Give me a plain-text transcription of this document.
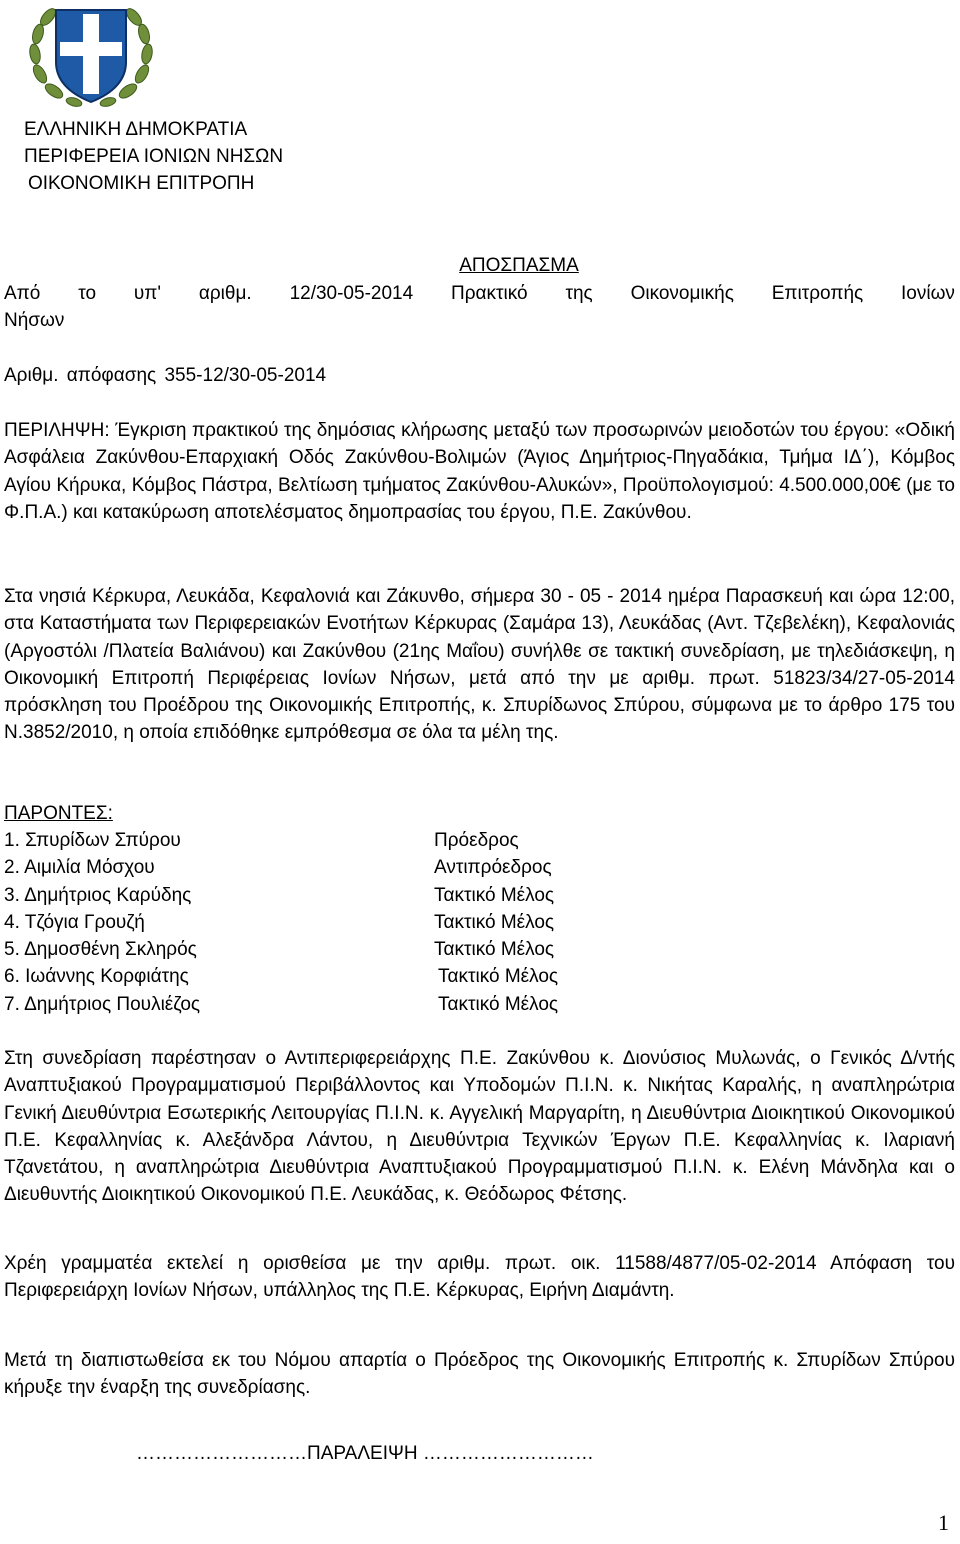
ΕΛΛΗΝΙΚΗ ΔΗΜΟΚΡΑΤΙΑ
ΠΕΡΙΦΕΡΕΙΑ ΙΟΝΙΩΝ ΝΗΣΩΝ
ΟΙΚΟΝΟΜΙΚΗ ΕΠΙΤΡΟΠΗ
ΑΠΟΣΠΑΣΜΑ
Από το υπ' αριθμ. 12/30-05-2014 Πρακτικό της Οικονομικής Επιτροπής Ιονίων
Νήσων
Αριθμ. απόφασης 355-12/30-05-2014
ΠΕΡΙΛΗΨΗ: Έγκριση πρακτικού της δημόσιας κλήρωσης μεταξύ των προσωρινών μειοδοτών του έργου: «Οδική Ασφάλεια Ζακύνθου-Επαρχιακή Οδός Ζακύνθου-Βολιμών (Άγιος Δημήτριος-Πηγαδάκια, Τμήμα ΙΔ΄), Κόμβος Αγίου Κήρυκα, Κόμβος Πάστρα, Βελτίωση τμήματος Ζακύνθου-Αλυκών», Προϋπολογισμού: 4.500.000,00€ (με το Φ.Π.Α.) και κατακύρωση αποτελέσματος δημοπρασίας του έργου, Π.Ε. Ζακύνθου.
Στα νησιά Κέρκυρα, Λευκάδα, Κεφαλονιά και Ζάκυνθο, σήμερα 30 - 05 - 2014 ημέρα Παρασκευή και ώρα 12:00, στα Καταστήματα των Περιφερειακών Ενοτήτων Κέρκυρας (Σαμάρα 13), Λευκάδας (Αντ. Τζεβελέκη), Κεφαλονιάς (Αργοστόλι /Πλατεία Βαλιάνου) και Ζακύνθου (21ης Μαΐου) συνήλθε σε τακτική συνεδρίαση, με τηλεδιάσκεψη, η Οικονομική Επιτροπή Περιφέρειας Ιονίων Νήσων, μετά από την με αριθμ. πρωτ. 51823/34/27-05-2014 πρόσκληση του Προέδρου της Οικονομικής Επιτροπής, κ. Σπυρίδωνος Σπύρου, σύμφωνα με το άρθρο 175 του Ν.3852/2010, η οποία επιδόθηκε εμπρόθεσμα σε όλα τα μέλη της.
ΠΑΡΟΝΤΕΣ:
1. Σπυρίδων Σπύρου	Πρόεδρος
2. Αιμιλία Μόσχου	Αντιπρόεδρος
3. Δημήτριος Καρύδης	Τακτικό Μέλος
4. Τζόγια Γρουζή	Τακτικό Μέλος
5. Δημοσθένη Σκληρός	Τακτικό Μέλος
6. Ιωάννης Κορφιάτης	Τακτικό Μέλος
7. Δημήτριος Πουλιέζος	Τακτικό Μέλος
Στη συνεδρίαση παρέστησαν ο Αντιπεριφερειάρχης Π.Ε. Ζακύνθου κ. Διονύσιος Μυλωνάς, ο Γενικός Δ/ντής Αναπτυξιακού Προγραμματισμού Περιβάλλοντος και Υποδομών Π.Ι.Ν. κ. Νικήτας Καραλής, η αναπληρώτρια Γενική Διευθύντρια Εσωτερικής Λειτουργίας Π.Ι.Ν. κ. Αγγελική Μαργαρίτη, η Διευθύντρια Διοικητικού Οικονομικού Π.Ε. Κεφαλληνίας κ. Αλεξάνδρα Λάντου, η Διευθύντρια Τεχνικών Έργων Π.Ε. Κεφαλληνίας κ. Ιλαριανή Τζανετάτου, η αναπληρώτρια Διευθύντρια Αναπτυξιακού Προγραμματισμού Π.Ι.Ν. κ. Ελένη Μάνδηλα και ο Διευθυντής Διοικητικού Οικονομικού Π.Ε. Λευκάδας, κ. Θεόδωρος Φέτσης.
Χρέη γραμματέα εκτελεί η ορισθείσα με την αριθμ. πρωτ. οικ. 11588/4877/05-02-2014 Απόφαση του Περιφερειάρχη Ιονίων Νήσων, υπάλληλος της Π.Ε. Κέρκυρας, Ειρήνη Διαμάντη.
Μετά τη διαπιστωθείσα εκ του Νόμου απαρτία ο Πρόεδρος της Οικονομικής Επιτροπής κ. Σπυρίδων Σπύρου κήρυξε την έναρξη της συνεδρίασης.
………………………ΠΑΡΑΛΕΙΨΗ ………………………
1
